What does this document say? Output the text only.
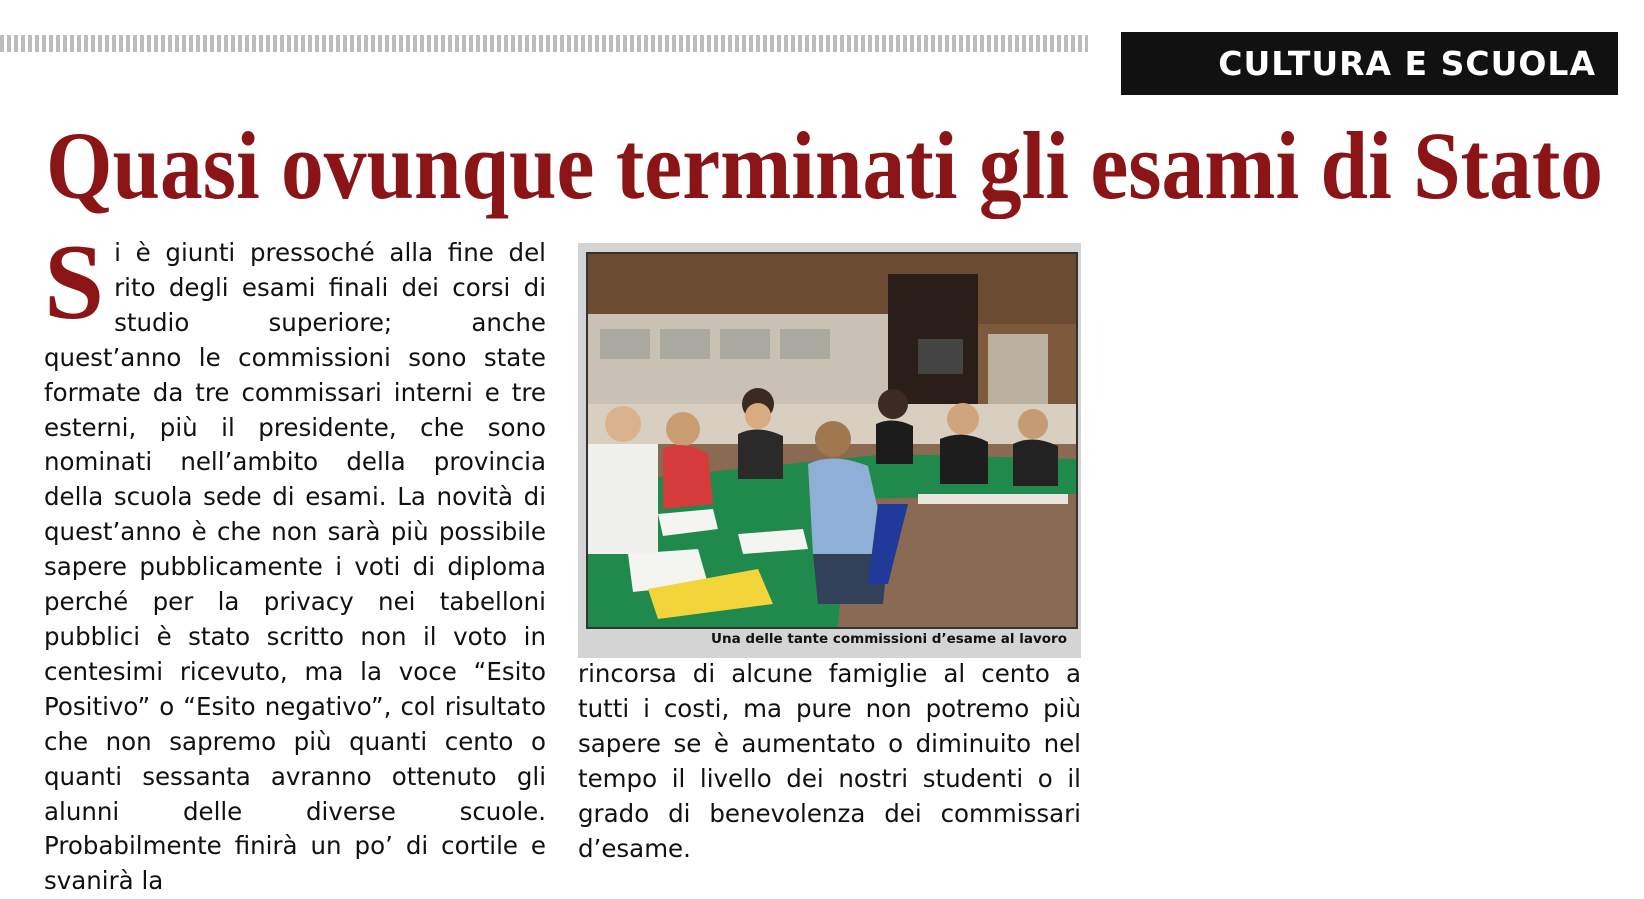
CULTURA E SCUOLA
Quasi ovunque terminati gli esami di Stato

Si è giunti pressoché alla fine del rito degli esami finali dei corsi di studio superiore; anche quest’anno le commissioni sono state formate da tre commissari interni e tre esterni, più il presidente, che sono nominati nell’ambito della provincia della scuola sede di esami. La novità di quest’anno è che non sarà più possibile sapere pubblicamente i voti di diploma perché per la privacy nei tabelloni pubblici è stato scritto non il voto in centesimi ricevuto, ma la voce “Esito Positivo” o “Esito negativo”, col risultato che non sapremo più quanti cento o quanti sessanta avranno ottenuto gli alunni delle diverse scuole. Probabilmente finirà un po’ di cortile e svanirà la

Una delle tante commissioni d’esame al lavoro

rincorsa di alcune famiglie al cento a tutti i costi, ma pure non potremo più sapere se è aumentato o diminuito nel tempo il livello dei nostri studenti o il grado di benevolenza dei commissari d’esame.
